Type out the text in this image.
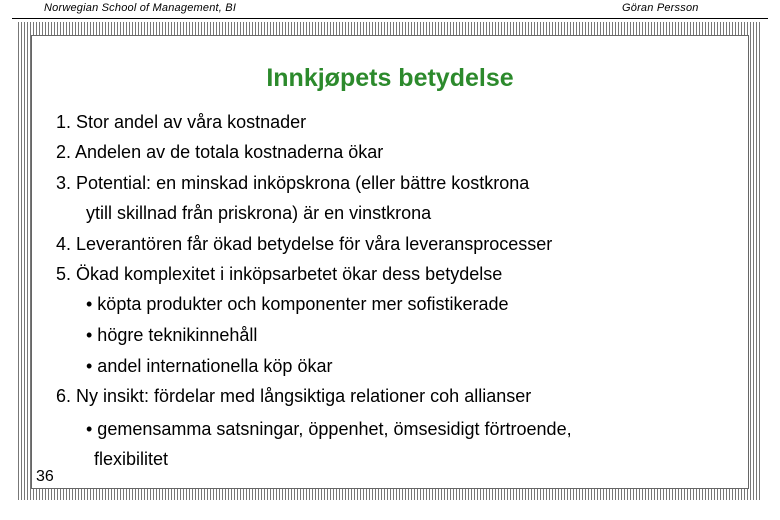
Norwegian School of Management, BI	Göran Persson
Innkjøpets betydelse
1. Stor andel av våra kostnader
2. Andelen av de totala kostnaderna ökar
3. Potential: en minskad inköpskrona (eller bättre kostkrona
ytill skillnad från priskrona) är en vinstkrona
4. Leverantören får ökad betydelse för våra leveransprocesser
5. Ökad komplexitet i inköpsarbetet ökar dess betydelse
• köpta produkter och komponenter mer sofistikerade
• högre teknikinnehåll
• andel internationella köp ökar
6. Ny insikt: fördelar med långsiktiga relationer coh allianser
• gemensamma satsningar, öppenhet, ömsesidigt förtroende,
flexibilitet
36
